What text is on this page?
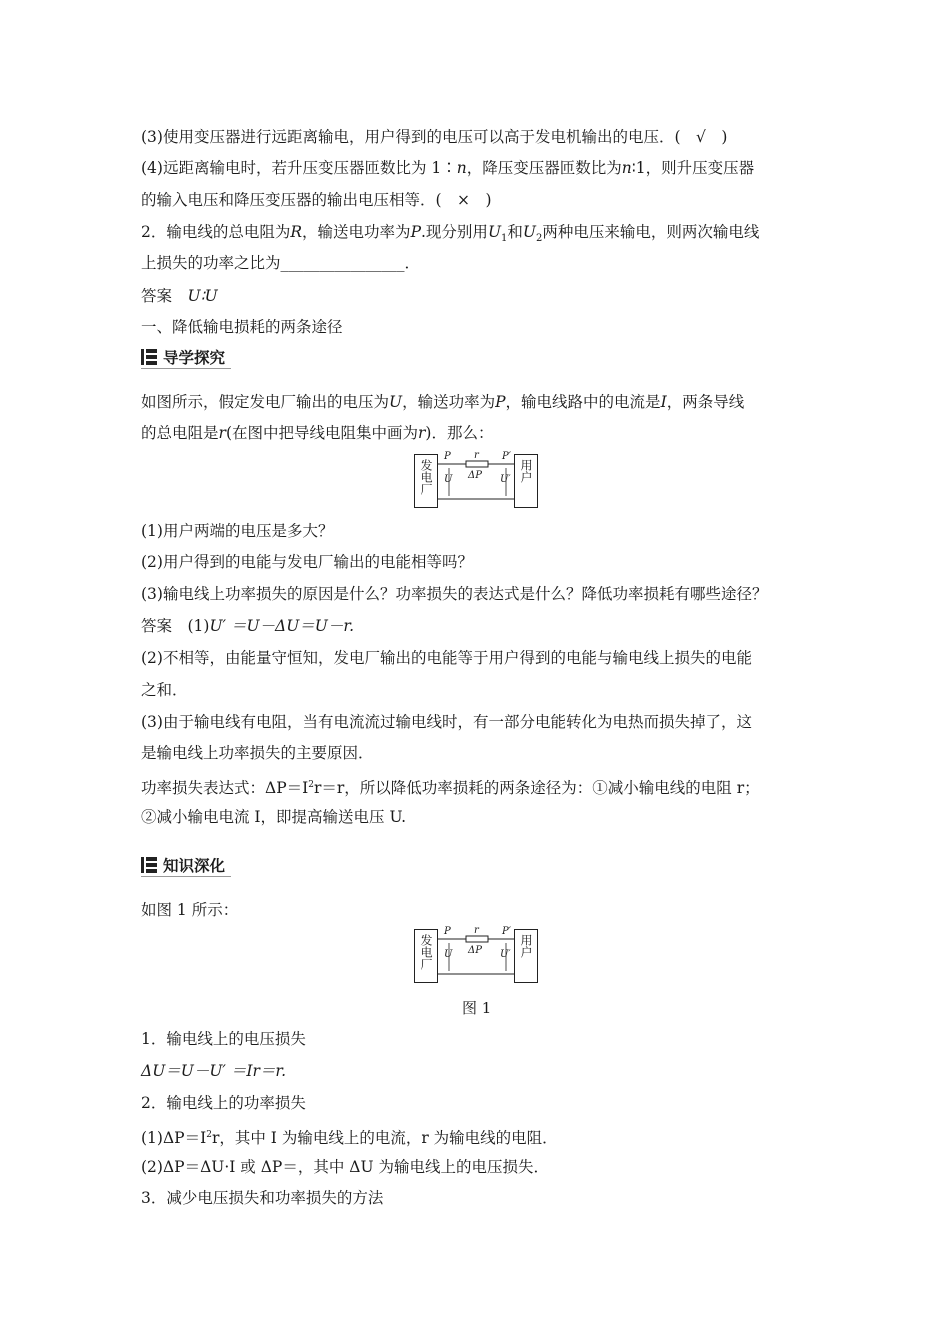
(3)使用变压器进行远距离输电，用户得到的电压可以高于发电机输出的电压．(　√　)
(4)远距离输电时，若升压变压器匝数比为 1∶n，降压变压器匝数比为n∶1，则升压变压器
的输入电压和降压变压器的输出电压相等．(　×　)
2．输电线的总电阻为R，输送电功率为P.现分别用$U_1$和$U_2$两种电压来输电，则两次输电线
上损失的功率之比为________________．
答案　U∶U
一、降低输电损耗的两条途径
导学探究
如图所示，假定发电厂输出的电压为U，输送功率为P，输电线路中的电流是I，两条导线
的总电阻是r(在图中把导线电阻集中画为r)．那么：
发电厂	用户
P r P′
U ΔP U′
(1)用户两端的电压是多大？
(2)用户得到的电能与发电厂输出的电能相等吗？
(3)输电线上功率损失的原因是什么？功率损失的表达式是什么？降低功率损耗有哪些途径？
答案　(1)U′ ＝U－ΔU＝U－r.
(2)不相等，由能量守恒知，发电厂输出的电能等于用户得到的电能与输电线上损失的电能
之和．
(3)由于输电线有电阻，当有电流流过输电线时，有一部分电能转化为电热而损失掉了，这
是输电线上功率损失的主要原因．
功率损失表达式：$\Delta P=I^2r=r$，所以降低功率损耗的两条途径为：①减小输电线的电阻 r；
②减小输电电流 I，即提高输送电压 U.
知识深化
如图 1 所示：
发电厂	用户
P r P′
U ΔP U′
图 1
1．输电线上的电压损失
ΔU＝U－U′ ＝Ir＝r.
2．输电线上的功率损失
$(1)\Delta P=I^2r$，其中 I 为输电线上的电流，r 为输电线的电阻．
(2)ΔP＝ΔU·I 或 ΔP＝，其中 ΔU 为输电线上的电压损失．
3．减少电压损失和功率损失的方法
